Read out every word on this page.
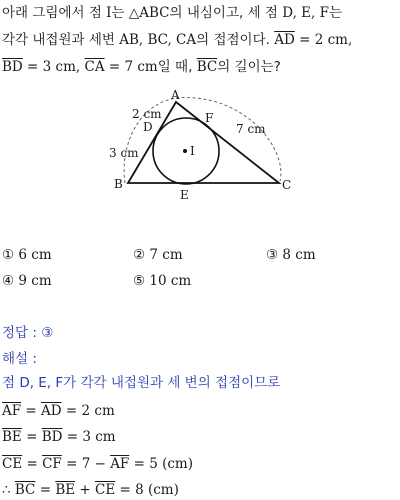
아래 그림에서 점 I는 △ABC의 내심이고, 세 점 D, E, F는
각각 내접원과 세변 AB, BC, CA의 접점이다. $\overline{AD} = 2$ cm,
$\overline{BD} = 3$ cm, $\overline{CA} = 7$ cm일 때, $\overline{BC}$의 길이는?
A
B	C
D
E
F
I
2 cm
3 cm
7 cm
① 6 cm	② 7 cm	③ 8 cm
④ 9 cm	⑤ 10 cm
정답 : ③
해설 :
점 D, E, F가 각각 내접원과 세 변의 접점이므로
$\overline{AF} = \overline{AD} = 2$ cm
$\overline{BE} = \overline{BD} = 3$ cm
$\overline{CE} = \overline{CF} = 7 - \overline{AF} = 5$ (cm)
∴ $\overline{BC} = \overline{BE} + \overline{CE} = 8$ (cm)
